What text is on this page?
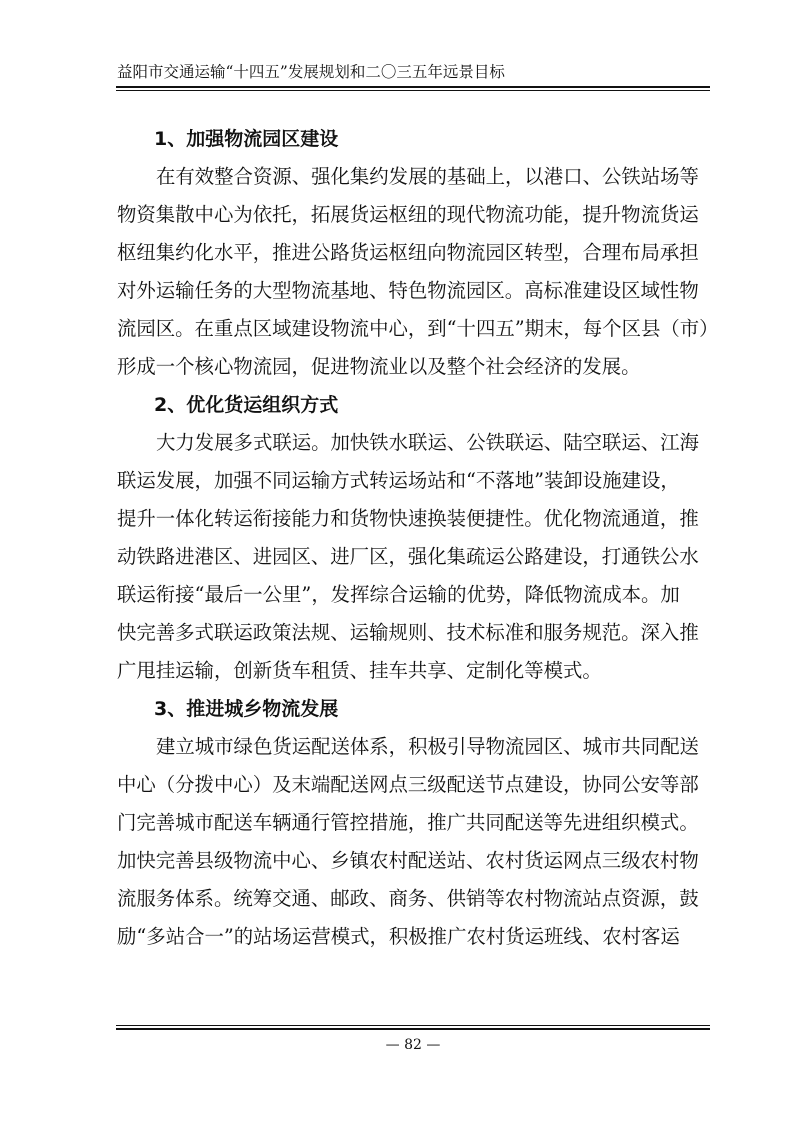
益阳市交通运输“十四五”发展规划和二〇三五年远景目标
1、加强物流园区建设

在有效整合资源、强化集约发展的基础上，以港口、公铁站场等

物资集散中心为依托，拓展货运枢纽的现代物流功能，提升物流货运

枢纽集约化水平，推进公路货运枢纽向物流园区转型，合理布局承担

对外运输任务的大型物流基地、特色物流园区。高标准建设区域性物

流园区。在重点区域建设物流中心，到“十四五”期末，每个区县（市）

形成一个核心物流园，促进物流业以及整个社会经济的发展。

2、优化货运组织方式

大力发展多式联运。加快铁水联运、公铁联运、陆空联运、江海

联运发展，加强不同运输方式转运场站和“不落地”装卸设施建设，

提升一体化转运衔接能力和货物快速换装便捷性。优化物流通道，推

动铁路进港区、进园区、进厂区，强化集疏运公路建设，打通铁公水

联运衔接“最后一公里”，发挥综合运输的优势，降低物流成本。加

快完善多式联运政策法规、运输规则、技术标准和服务规范。深入推

广甩挂运输，创新货车租赁、挂车共享、定制化等模式。

3、推进城乡物流发展

建立城市绿色货运配送体系，积极引导物流园区、城市共同配送

中心（分拨中心）及末端配送网点三级配送节点建设，协同公安等部

门完善城市配送车辆通行管控措施，推广共同配送等先进组织模式。

加快完善县级物流中心、乡镇农村配送站、农村货运网点三级农村物

流服务体系。统筹交通、邮政、商务、供销等农村物流站点资源，鼓

励“多站合一”的站场运营模式，积极推广农村货运班线、农村客运

— 82 —
